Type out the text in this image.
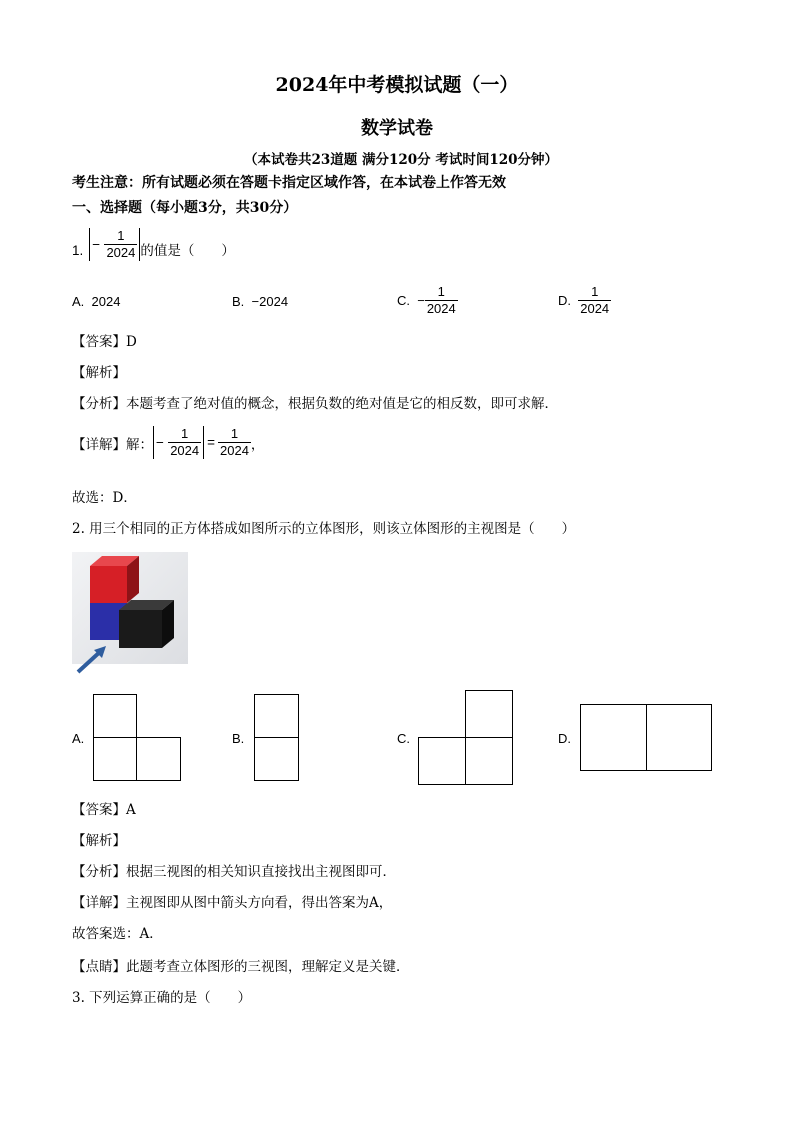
2024年中考模拟试题（一）
数学试卷
（本试卷共23道题 满分120分 考试时间120分钟）
考生注意：所有试题必须在答题卡指定区域作答，在本试卷上作答无效
一、选择题（每小题3分，共30分）
1. − $\frac{1}{2024}$ 的值是（　　）
A. 2024	B. −2024	C.
− $\frac{1}{2024}$	D.
$\frac{1}{2024}$
【答案】D
【解析】
【分析】本题考查了绝对值的概念，根据负数的绝对值是它的相反数，即可求解．
【详解】解： − $\frac{1}{2024} = \frac{1}{2024}$ ，
故选：D．
2. 用三个相同的正方体搭成如图所示的立体图形，则该立体图形的主视图是（　　）
A.	B.	C.	D.
【答案】A
【解析】
【分析】根据三视图的相关知识直接找出主视图即可．
【详解】主视图即从图中箭头方向看，得出答案为A，
故答案选：A．
【点睛】此题考查立体图形的三视图，理解定义是关键．
3. 下列运算正确的是（　　）
